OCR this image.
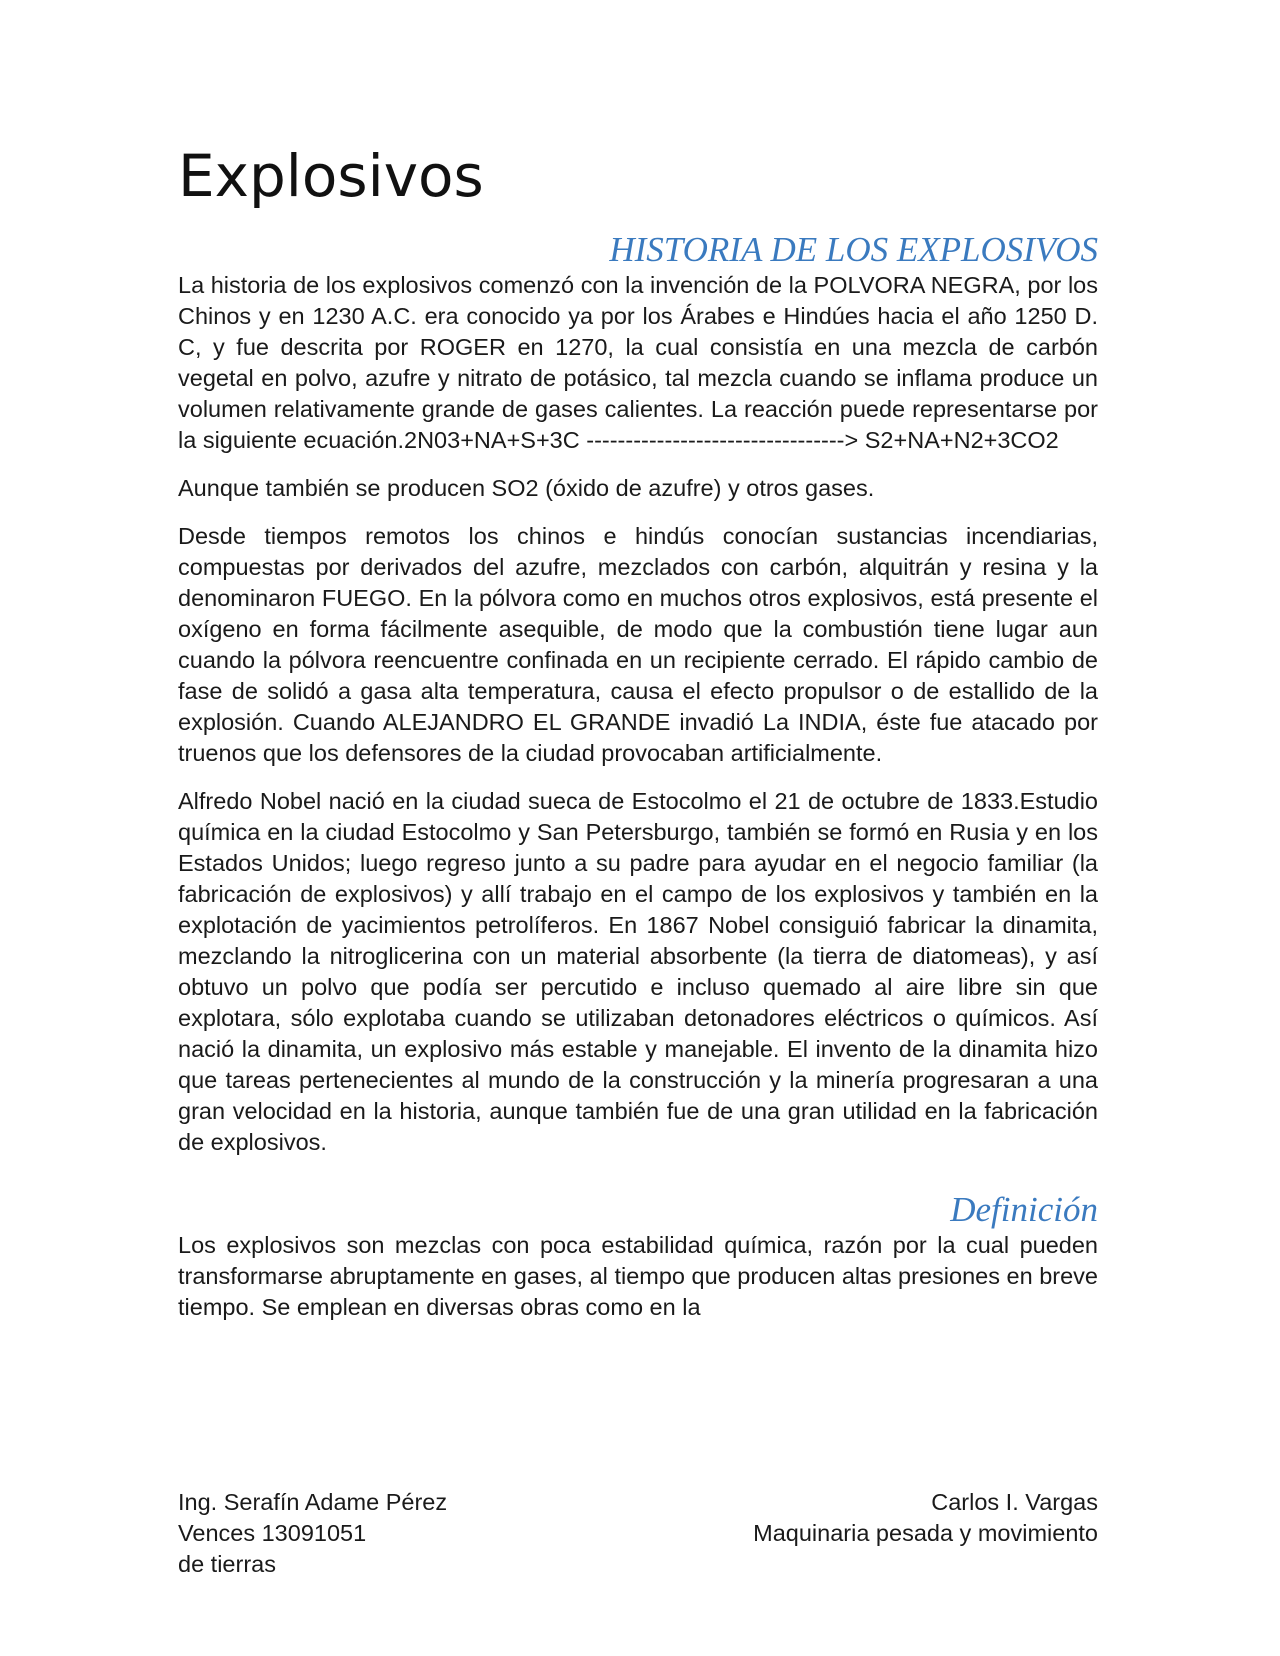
Explosivos
HISTORIA DE LOS EXPLOSIVOS

La historia de los explosivos comenzó con la invención de la POLVORA NEGRA, por los Chinos y en 1230 A.C. era conocido ya por los Árabes e Hindúes hacia el año 1250 D. C, y fue descrita por ROGER en 1270, la cual consistía en una mezcla de carbón vegetal en polvo, azufre y nitrato de potásico, tal mezcla cuando se inflama produce un volumen relativamente grande de gases calientes. La reacción puede representarse por la siguiente ecuación.2N03+NA+S+3C ---------------------------------> S2+NA+N2+3CO2

Aunque también se producen SO2 (óxido de azufre) y otros gases.

Desde tiempos remotos los chinos e hindús conocían sustancias incendiarias, compuestas por derivados del azufre, mezclados con carbón, alquitrán y resina y la denominaron FUEGO. En la pólvora como en muchos otros explosivos, está presente el oxígeno en forma fácilmente asequible, de modo que la combustión tiene lugar aun cuando la pólvora reencuentre confinada en un recipiente cerrado. El rápido cambio de fase de solidó a gasa alta temperatura, causa el efecto propulsor o de estallido de la explosión. Cuando ALEJANDRO EL GRANDE invadió La INDIA, éste fue atacado por truenos que los defensores de la ciudad provocaban artificialmente.

Alfredo Nobel nació en la ciudad sueca de Estocolmo el 21 de octubre de 1833.Estudio química en la ciudad Estocolmo y San Petersburgo, también se formó en Rusia y en los Estados Unidos; luego regreso junto a su padre para ayudar en el negocio familiar (la fabricación de explosivos) y allí trabajo en el campo de los explosivos y también en la explotación de yacimientos petrolíferos. En 1867 Nobel consiguió fabricar la dinamita, mezclando la nitroglicerina con un material absorbente (la tierra de diatomeas), y así obtuvo un polvo que podía ser percutido e incluso quemado al aire libre sin que explotara, sólo explotaba cuando se utilizaban detonadores eléctricos o químicos. Así nació la dinamita, un explosivo más estable y manejable. El invento de la dinamita hizo que tareas pertenecientes al mundo de la construcción y la minería progresaran a una gran velocidad en la historia, aunque también fue de una gran utilidad en la fabricación de explosivos.

Definición

Los explosivos son mezclas con poca estabilidad química, razón por la cual pueden transformarse abruptamente en gases, al tiempo que producen altas presiones en breve tiempo. Se emplean en diversas obras como en la

Ing. Serafín Adame Pérez
Vences 13091051
de tierras
Carlos I. Vargas
Maquinaria pesada y movimiento
